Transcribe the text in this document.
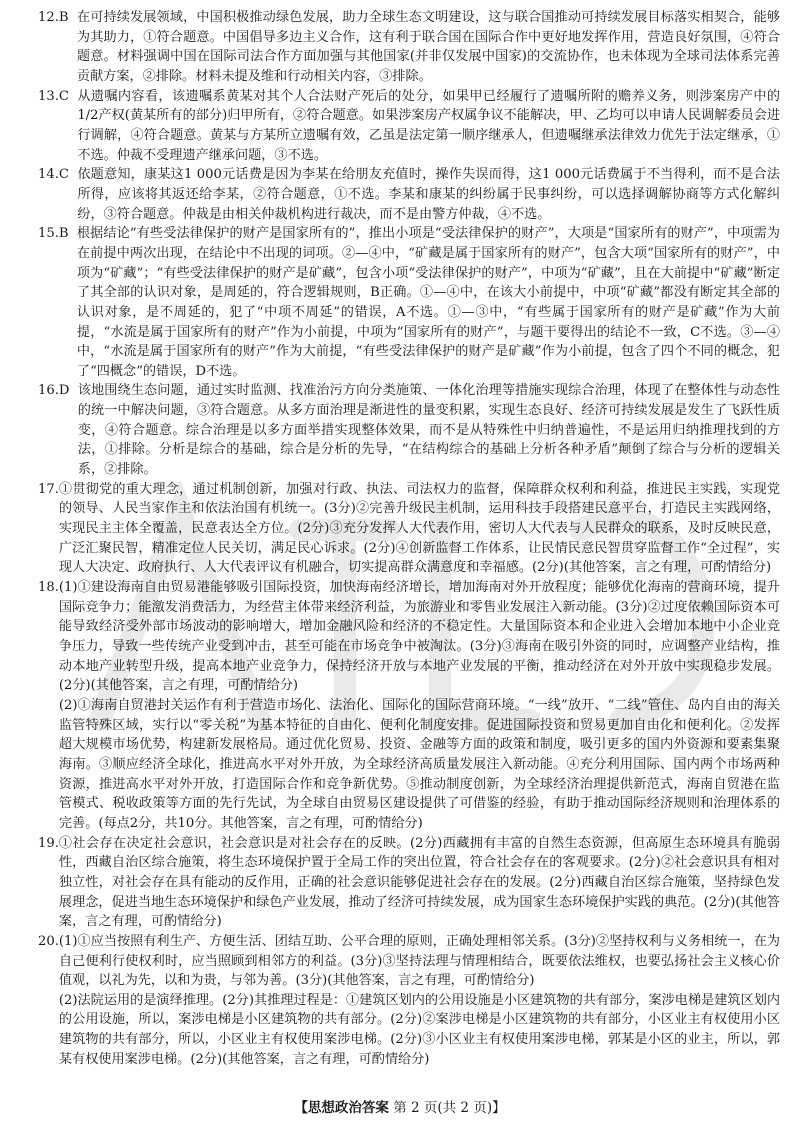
12.B
在可持续发展领域，中国积极推动绿色发展，助力全球生态文明建设，这与联合国推动可持续发展目标落实相契合，能够为其助力，①符合题意。中国倡导多边主义合作，这有利于联合国在国际合作中更好地发挥作用，营造良好氛围，④符合题意。材料强调中国在国际司法合作方面加强与其他国家(并非仅发展中国家)的交流协作，也未体现为全球司法体系完善贡献方案，②排除。材料未提及维和行动相关内容，③排除。

13.C
从遗嘱内容看，该遗嘱系黄某对其个人合法财产死后的处分，如果甲已经履行了遗嘱所附的赡养义务，则涉案房产中的1/2产权(黄某所有的部分)归甲所有，②符合题意。如果涉案房产权属争议不能解决，甲、乙均可以申请人民调解委员会进行调解，④符合题意。黄某与方某所立遗嘱有效，乙虽是法定第一顺序继承人，但遗嘱继承法律效力优先于法定继承，①不选。仲裁不受理遗产继承问题，③不选。

14.C
依题意知，康某这1 000元话费是因为李某在给朋友充值时，操作失误而得，这1 000元话费属于不当得利，而不是合法所得，应该将其返还给李某，②符合题意，①不选。李某和康某的纠纷属于民事纠纷，可以选择调解协商等方式化解纠纷，③符合题意。仲裁是由相关仲裁机构进行裁决，而不是由警方仲裁，④不选。

15.B
根据结论“有些受法律保护的财产是国家所有的”，推出小项是“受法律保护的财产”，大项是“国家所有的财产”，中项需为在前提中两次出现，在结论中不出现的词项。②—④中，“矿藏是属于国家所有的财产”，包含大项“国家所有的财产”，中项为“矿藏”；“有些受法律保护的财产是矿藏”，包含小项“受法律保护的财产”，中项为“矿藏”，且在大前提中“矿藏”断定了其全部的认识对象，是周延的，符合逻辑规则，B正确。①—④中，在该大小前提中，中项“矿藏”都没有断定其全部的认识对象，是不周延的，犯了“中项不周延”的错误，A不选。①—③中，“有些属于国家所有的财产是矿藏”作为大前提，“水流是属于国家所有的财产”作为小前提，中项为“国家所有的财产”，与题干要得出的结论不一致，C不选。③—④中，“水流是属于国家所有的财产”作为大前提，“有些受法律保护的财产是矿藏”作为小前提，包含了四个不同的概念，犯了“四概念”的错误，D不选。

16.D
该地围绕生态问题，通过实时监测、找准治污方向分类施策、一体化治理等措施实现综合治理，体现了在整体性与动态性的统一中解决问题，③符合题意。从多方面治理是渐进性的量变积累，实现生态良好、经济可持续发展是发生了飞跃性质变，④符合题意。综合治理是以多方面举措实现整体效果，而不是从特殊性中归纳普遍性，不是运用归纳推理找到的方法，①排除。分析是综合的基础，综合是分析的先导，“在结构综合的基础上分析各种矛盾”颠倒了综合与分析的逻辑关系，②排除。

17. ①贯彻党的重大理念，通过机制创新，加强对行政、执法、司法权力的监督，保障群众权利和利益，推进民主实践，实现党的领导、人民当家作主和依法治国有机统一。(3分)②完善升级民主机制，运用科技手段搭建民意平台，打造民主实践网络，实现民主主体全覆盖，民意表达全方位。(2分)③充分发挥人大代表作用，密切人大代表与人民群众的联系，及时反映民意，广泛汇聚民智，精准定位人民关切，满足民心诉求。(2分)④创新监督工作体系，让民情民意民智贯穿监督工作“全过程”，实现人大决定、政府执行、人大代表评议有机融合，切实提高群众满意度和幸福感。(2分)(其他答案，言之有理，可酌情给分)

18. (1)①建设海南自由贸易港能够吸引国际投资，加快海南经济增长，增加海南对外开放程度；能够优化海南的营商环境，提升国际竞争力；能激发消费活力，为经营主体带来经济利益，为旅游业和零售业发展注入新动能。(3分)②过度依赖国际资本可能导致经济受外部市场波动的影响增大，增加金融风险和经济的不稳定性。大量国际资本和企业进入会增加本地中小企业竞争压力，导致一些传统产业受到冲击，甚至可能在市场竞争中被淘汰。(3分)③海南在吸引外资的同时，应调整产业结构，推动本地产业转型升级，提高本地产业竞争力，保持经济开放与本地产业发展的平衡，推动经济在对外开放中实现稳步发展。(2分)(其他答案，言之有理，可酌情给分)

(2)①海南自贸港封关运作有利于营造市场化、法治化、国际化的国际营商环境。“一线”放开、“二线”管住、岛内自由的海关监管特殊区域，实行以“零关税”为基本特征的自由化、便利化制度安排。促进国际投资和贸易更加自由化和便利化。②发挥超大规模市场优势，构建新发展格局。通过优化贸易、投资、金融等方面的政策和制度，吸引更多的国内外资源和要素集聚海南。③顺应经济全球化，推进高水平对外开放，为全球经济高质量发展注入新动能。④充分利用国际、国内两个市场两种资源，推进高水平对外开放，打造国际合作和竞争新优势。⑤推动制度创新，为全球经济治理提供新范式，海南自贸港在监管模式、税收政策等方面的先行先试，为全球自由贸易区建设提供了可借鉴的经验，有助于推动国际经济规则和治理体系的完善。(每点2分，共10分。其他答案，言之有理，可酌情给分)

19. ①社会存在决定社会意识，社会意识是对社会存在的反映。(2分)西藏拥有丰富的自然生态资源，但高原生态环境具有脆弱性，西藏自治区综合施策，将生态环境保护置于全局工作的突出位置，符合社会存在的客观要求。(2分)②社会意识具有相对独立性，对社会存在具有能动的反作用，正确的社会意识能够促进社会存在的发展。(2分)西藏自治区综合施策，坚持绿色发展理念，促进当地生态环境保护和绿色产业发展，推动了经济可持续发展，成为国家生态环境保护实践的典范。(2分)(其他答案，言之有理，可酌情给分)

20. (1)①应当按照有利生产、方便生活、团结互助、公平合理的原则，正确处理相邻关系。(3分)②坚持权利与义务相统一，在为自己便利行使权利时，应当照顾到相邻方的利益。(3分)③坚持法理与情理相结合，既要依法维权，也要弘扬社会主义核心价值观，以礼为先，以和为贵，与邻为善。(3分)(其他答案，言之有理，可酌情给分)

(2)法院运用的是演绎推理。(2分)其推理过程是：①建筑区划内的公用设施是小区建筑物的共有部分，案涉电梯是建筑区划内的公用设施，所以，案涉电梯是小区建筑物的共有部分。(2分)②案涉电梯是小区建筑物的共有部分，小区业主有权使用小区建筑物的共有部分，所以，小区业主有权使用案涉电梯。(2分)③小区业主有权使用案涉电梯，郭某是小区的业主，所以，郭某有权使用案涉电梯。(2分)(其他答案，言之有理，可酌情给分)

【思想政治答案 第 2 页(共 2 页)】
